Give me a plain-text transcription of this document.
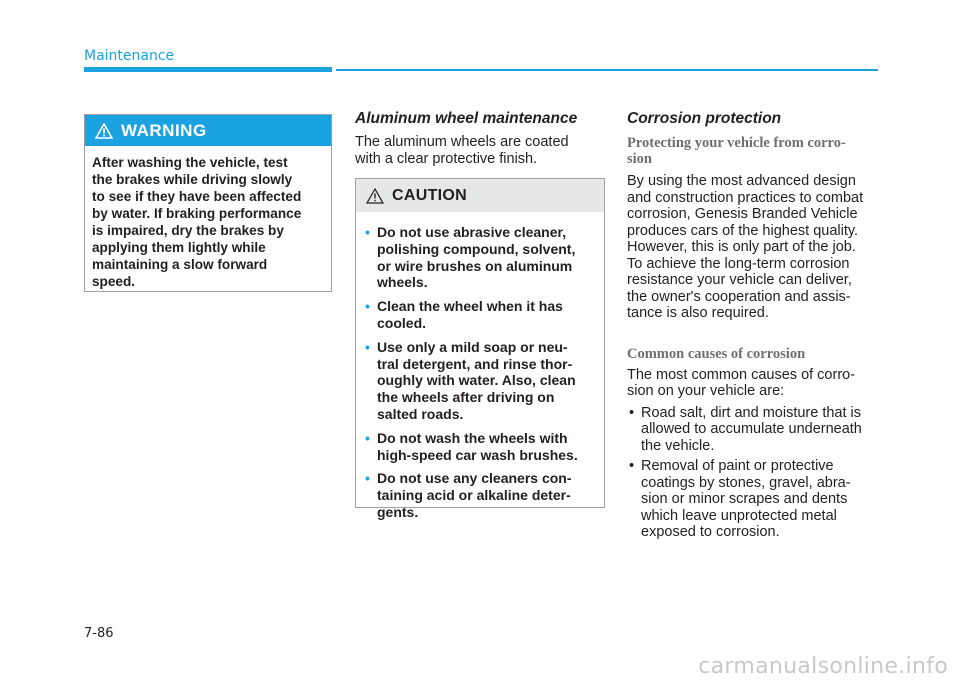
Maintenance
WARNING
After washing the vehicle, test
the brakes while driving slowly
to see if they have been affected
by water. If braking performance
is impaired, dry the brakes by
applying them lightly while
maintaining a slow forward
speed.
Aluminum wheel maintenance
The aluminum wheels are coated
with a clear protective finish.
CAUTION
• Do not use abrasive cleaner,
polishing compound, solvent,
or wire brushes on aluminum
wheels.
• Clean the wheel when it has
cooled.
• Use only a mild soap or neu-
tral detergent, and rinse thor-
oughly with water. Also, clean
the wheels after driving on
salted roads.
• Do not wash the wheels with
high-speed car wash brushes.
• Do not use any cleaners con-
taining acid or alkaline deter-
gents.
Corrosion protection
Protecting your vehicle from corro-
sion
By using the most advanced design
and construction practices to combat
corrosion, Genesis Branded Vehicle
produces cars of the highest quality.
However, this is only part of the job.
To achieve the long-term corrosion
resistance your vehicle can deliver,
the owner's cooperation and assis-
tance is also required.
Common causes of corrosion
The most common causes of corro-
sion on your vehicle are:
• Road salt, dirt and moisture that is
allowed to accumulate underneath
the vehicle.
• Removal of paint or protective
coatings by stones, gravel, abra-
sion or minor scrapes and dents
which leave unprotected metal
exposed to corrosion.
7-86
carmanualsonline.info
